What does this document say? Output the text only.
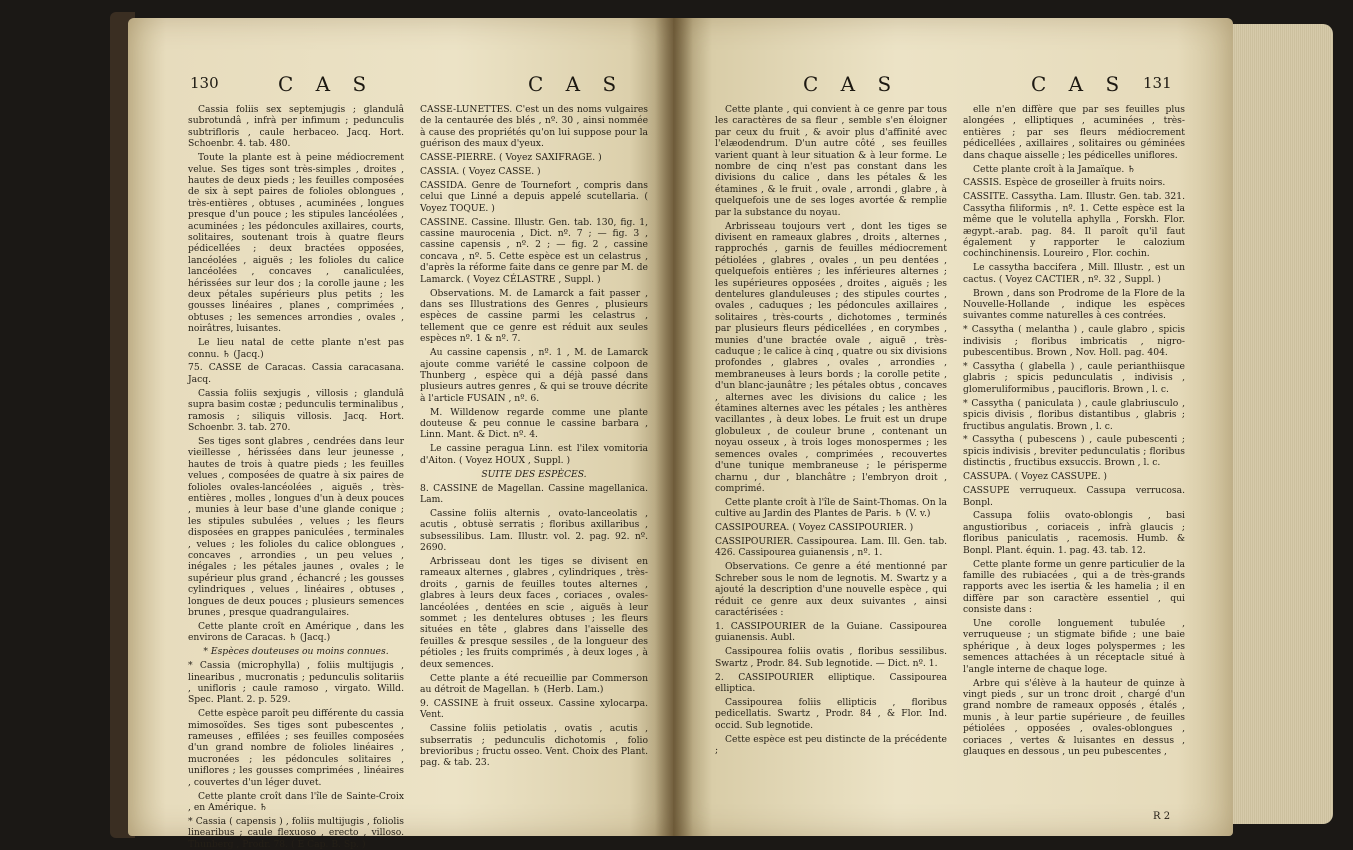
130	C A S	C A S

Cassia foliis sex septemjugis ; glandulâ subrotundâ , infrà per infimum ; pedunculis subtrifloris , caule herbaceo. Jacq. Hort. Schoenbr. 4. tab. 480.

Toute la plante est à peine médiocrement velue. Ses tiges sont très-simples , droites , hautes de deux pieds ; les feuilles composées de six à sept paires de folioles oblongues , très-entières , obtuses , acuminées , longues presque d'un pouce ; les stipules lancéolées , acuminées ; les pédoncules axillaires, courts, solitaires, soutenant trois à quatre fleurs pédicellées ; deux bractées opposées, lancéolées , aiguës ; les folioles du calice lancéolées , concaves , canaliculées, hérissées sur leur dos ; la corolle jaune ; les deux pétales supérieurs plus petits ; les gousses linéaires , planes , comprimées , obtuses ; les semences arrondies , ovales , noirâtres, luisantes.

Le lieu natal de cette plante n'est pas connu. ♄ (Jacq.)

75. CASSE de Caracas. Cassia caracasana. Jacq.

Cassia foliis sexjugis , villosis ; glandulâ supra basim costæ ; pedunculis terminalibus , ramosis ; siliquis villosis. Jacq. Hort. Schoenbr. 3. tab. 270.

Ses tiges sont glabres , cendrées dans leur vieillesse , hérissées dans leur jeunesse , hautes de trois à quatre pieds ; les feuilles velues , composées de quatre à six paires de folioles ovales-lancéolées , aiguës , très-entières , molles , longues d'un à deux pouces , munies à leur base d'une glande conique ; les stipules subulées , velues ; les fleurs disposées en grappes paniculées , terminales , velues ; les folioles du calice oblongues , concaves , arrondies , un peu velues , inégales ; les pétales jaunes , ovales ; le supérieur plus grand , échancré ; les gousses cylindriques , velues , linéaires , obtuses , longues de deux pouces ; plusieurs semences brunes , presque quadrangulaires.

Cette plante croît en Amérique , dans les environs de Caracas. ♄ (Jacq.)

* Espèces douteuses ou moins connues.

* Cassia (microphylla) , foliis multijugis , linearibus , mucronatis ; pedunculis solitariis , unifloris ; caule ramoso , virgato. Willd. Spec. Plant. 2. p. 529.

Cette espèce paroît peu différente du cassia mimosoïdes. Ses tiges sont pubescentes , rameuses , effilées ; ses feuilles composées d'un grand nombre de folioles linéaires , mucronées ; les pédoncules solitaires , uniflores ; les gousses comprimées , linéaires , couvertes d'un léger duvet.

Cette plante croît dans l'île de Sainte-Croix , en Amérique. ♄

* Cassia ( capensis ) , foliis multijugis , foliolis linearibus ; caule flexuoso , erecto , villoso. Thunberg , Prodr. 78. ( E Cap. B. Sp. )

CASSE-LUNETTES. C'est un des noms vulgaires de la centaurée des blés , nº. 30 , ainsi nommée à cause des propriétés qu'on lui suppose pour la guérison des maux d'yeux.

CASSE-PIERRE. ( Voyez SAXIFRAGE. )

CASSIA. ( Voyez CASSE. )

CASSIDA. Genre de Tournefort , compris dans celui que Linné a depuis appelé scutellaria. ( Voyez TOQUE. )

CASSINE. Cassine. Illustr. Gen. tab. 130, fig. 1, cassine maurocenia , Dict. nº. 7 ; — fig. 3 , cassine capensis , nº. 2 ; — fig. 2 , cassine concava , nº. 5. Cette espèce est un celastrus , d'après la réforme faite dans ce genre par M. de Lamarck. ( Voyez CÉLASTRE , Suppl. )

Observations. M. de Lamarck a fait passer , dans ses Illustrations des Genres , plusieurs espèces de cassine parmi les celastrus , tellement que ce genre est réduit aux seules espèces nº. 1 & nº. 7.

Au cassine capensis , nº. 1 , M. de Lamarck ajoute comme variété le cassine colpoon de Thunberg , espèce qui a déjà passé dans plusieurs autres genres , & qui se trouve décrite à l'article FUSAIN , nº. 6.

M. Willdenow regarde comme une plante douteuse & peu connue le cassine barbara , Linn. Mant. & Dict. nº. 4.

Le cassine peragua Linn. est l'ilex vomitoria d'Aiton. ( Voyez HOUX , Suppl. )

SUITE DES ESPÈCES.

8. CASSINE de Magellan. Cassine magellanica. Lam.

Cassine foliis alternis , ovato-lanceolatis , acutis , obtusè serratis ; floribus axillaribus , subsessilibus. Lam. Illustr. vol. 2. pag. 92. nº. 2690.

Arbrisseau dont les tiges se divisent en rameaux alternes , glabres , cylindriques , très-droits , garnis de feuilles toutes alternes , glabres à leurs deux faces , coriaces , ovales-lancéolées , dentées en scie , aiguës à leur sommet ; les dentelures obtuses ; les fleurs situées en tête , glabres dans l'aisselle des feuilles & presque sessiles , de la longueur des pétioles ; les fruits comprimés , à deux loges , à deux semences.

Cette plante a été recueillie par Commerson au détroit de Magellan. ♄ (Herb. Lam.)

9. CASSINE à fruit osseux. Cassine xylocarpa. Vent.

Cassine foliis petiolatis , ovatis , acutis , subserratis ; pedunculis dichotomis , folio brevioribus ; fructu osseo. Vent. Choix des Plant. pag. & tab. 23.

C A S	C A S 131

Cette plante , qui convient à ce genre par tous les caractères de sa fleur , semble s'en éloigner par ceux du fruit , & avoir plus d'affinité avec l'elæodendrum. D'un autre côté , ses feuilles varient quant à leur situation & à leur forme. Le nombre de cinq n'est pas constant dans les divisions du calice , dans les pétales & les étamines , & le fruit , ovale , arrondi , glabre , à quelquefois une de ses loges avortée & remplie par la substance du noyau.

Arbrisseau toujours vert , dont les tiges se divisent en rameaux glabres , droits , alternes , rapprochés , garnis de feuilles médiocrement pétiolées , glabres , ovales , un peu dentées , quelquefois entières ; les inférieures alternes ; les supérieures opposées , droites , aiguës ; les dentelures glanduleuses ; des stipules courtes , ovales , caduques ; les pédoncules axillaires , solitaires , très-courts , dichotomes , terminés par plusieurs fleurs pédicellées , en corymbes , munies d'une bractée ovale , aiguë , très-caduque ; le calice à cinq , quatre ou six divisions profondes , glabres , ovales , arrondies , membraneuses à leurs bords ; la corolle petite , d'un blanc-jaunâtre ; les pétales obtus , concaves , alternes avec les divisions du calice ; les étamines alternes avec les pétales ; les anthères vacillantes , à deux lobes. Le fruit est un drupe globuleux , de couleur brune , contenant un noyau osseux , à trois loges monospermes ; les semences ovales , comprimées , recouvertes d'une tunique membraneuse ; le périsperme charnu , dur , blanchâtre ; l'embryon droit , comprimé.

Cette plante croît à l'île de Saint-Thomas. On la cultive au Jardin des Plantes de Paris. ♄ (V. v.)

CASSIPOUREA. ( Voyez CASSIPOURIER. )

CASSIPOURIER. Cassipourea. Lam. Ill. Gen. tab. 426. Cassipourea guianensis , nº. 1.

Observations. Ce genre a été mentionné par Schreber sous le nom de legnotis. M. Swartz y a ajouté la description d'une nouvelle espèce , qui réduit ce genre aux deux suivantes , ainsi caractérisées :

1. CASSIPOURIER de la Guiane. Cassipourea guianensis. Aubl.

Cassipourea foliis ovatis , floribus sessilibus. Swartz , Prodr. 84. Sub legnotide. — Dict. nº. 1.

2. CASSIPOURIER elliptique. Cassipourea elliptica.

Cassipourea foliis ellipticis , floribus pedicellatis. Swartz , Prodr. 84 , & Flor. Ind. occid. Sub legnotide.

Cette espèce est peu distincte de la précédente ;

elle n'en diffère que par ses feuilles plus alongées , elliptiques , acuminées , très-entières ; par ses fleurs médiocrement pédicellées , axillaires , solitaires ou géminées dans chaque aisselle ; les pédicelles uniflores.

Cette plante croît à la Jamaïque. ♄

CASSIS. Espèce de groseiller à fruits noirs.

CASSITE. Cassytha. Lam. Illustr. Gen. tab. 321. Cassytha filiformis , nº. 1. Cette espèce est la même que le volutella aphylla , Forskh. Flor. ægypt.-arab. pag. 84. Il paroît qu'il faut également y rapporter le calozium cochinchinensis. Loureiro , Flor. cochin.

Le cassytha baccifera , Mill. Illustr. , est un cactus. ( Voyez CACTIER , nº. 32 , Suppl. )

Brown , dans son Prodrome de la Flore de la Nouvelle-Hollande , indique les espèces suivantes comme naturelles à ces contrées.

* Cassytha ( melantha ) , caule glabro , spicis indivisis ; floribus imbricatis , nigro-pubescentibus. Brown , Nov. Holl. pag. 404.

* Cassytha ( glabella ) , caule perianthiisque glabris ; spicis pedunculatis , indivisis , glomeruliformibus , paucifloris. Brown , l. c.

* Cassytha ( paniculata ) , caule glabriusculo , spicis divisis , floribus distantibus , glabris ; fructibus angulatis. Brown , l. c.

* Cassytha ( pubescens ) , caule pubescenti ; spicis indivisis , breviter pedunculatis ; floribus distinctis , fructibus exsuccis. Brown , l. c.

CASSUPA. ( Voyez CASSUPE. )

CASSUPE verruqueux. Cassupa verrucosa. Bonpl.

Cassupa foliis ovato-oblongis , basi angustioribus , coriaceis , infrà glaucis ; floribus paniculatis , racemosis. Humb. & Bonpl. Plant. équin. 1. pag. 43. tab. 12.

Cette plante forme un genre particulier de la famille des rubiacées , qui a de très-grands rapports avec les isertia & les hamelia ; il en diffère par son caractère essentiel , qui consiste dans :

Une corolle longuement tubulée , verruqueuse ; un stigmate bifide ; une baie sphérique , à deux loges polyspermes ; les semences attachées à un réceptacle situé à l'angle interne de chaque loge.

Arbre qui s'élève à la hauteur de quinze à vingt pieds , sur un tronc droit , chargé d'un grand nombre de rameaux opposés , étalés , munis , à leur partie supérieure , de feuilles pétiolées , opposées , ovales-oblongues , coriaces , vertes & luisantes en dessus , glauques en dessous , un peu pubescentes ,

R 2
